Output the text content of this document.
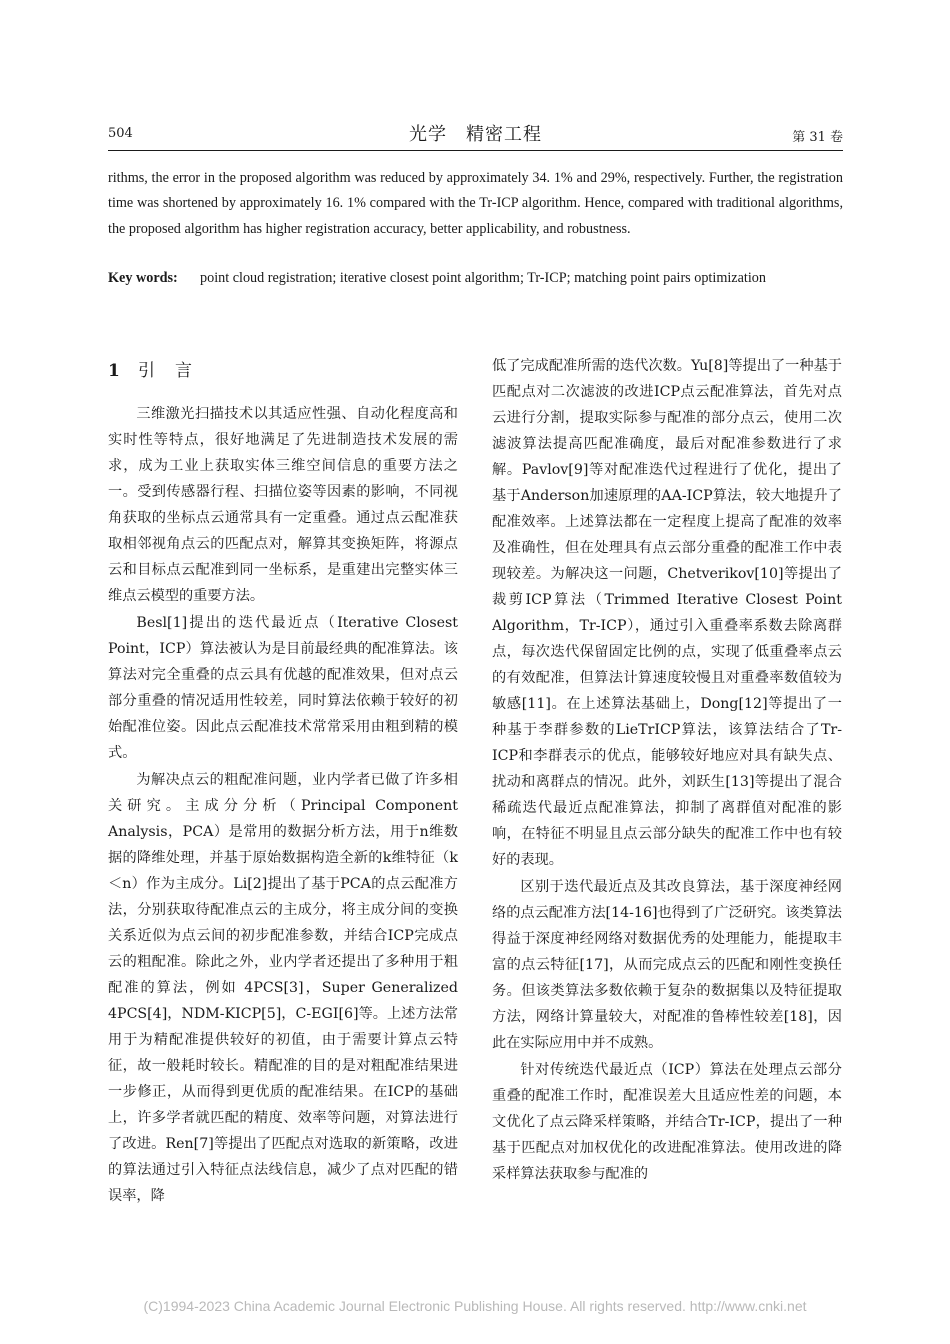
504	光学　精密工程	第 31 卷
rithms, the error in the proposed algorithm was reduced by approximately 34. 1% and 29%, respectively. Further, the registration time was shortened by approximately 16. 1% compared with the Tr-ICP algorithm. Hence, compared with traditional algorithms, the proposed algorithm has higher registration accuracy, better applicability, and robustness.
Key words: point cloud registration; iterative closest point algorithm; Tr-ICP; matching point pairs optimization
1 引言

三维激光扫描技术以其适应性强、自动化程度高和实时性等特点，很好地满足了先进制造技术发展的需求，成为工业上获取实体三维空间信息的重要方法之一。受到传感器行程、扫描位姿等因素的影响，不同视角获取的坐标点云通常具有一定重叠。通过点云配准获取相邻视角点云的匹配点对，解算其变换矩阵，将源点云和目标点云配准到同一坐标系，是重建出完整实体三维点云模型的重要方法。

Besl[1]提出的迭代最近点（Iterative Closest Point，ICP）算法被认为是目前最经典的配准算法。该算法对完全重叠的点云具有优越的配准效果，但对点云部分重叠的情况适用性较差，同时算法依赖于较好的初始配准位姿。因此点云配准技术常常采用由粗到精的模式。

为解决点云的粗配准问题，业内学者已做了许多相关研究。主成分分析（Principal Component Analysis，PCA）是常用的数据分析方法，用于n维数据的降维处理，并基于原始数据构造全新的k维特征（k＜n）作为主成分。Li[2]提出了基于PCA的点云配准方法，分别获取待配准点云的主成分，将主成分间的变换关系近似为点云间的初步配准参数，并结合ICP完成点云的粗配准。除此之外，业内学者还提出了多种用于粗配准的算法，例如 4PCS[3]，Super Generalized 4PCS[4]，NDM-KICP[5]，C-EGI[6]等。上述方法常用于为精配准提供较好的初值，由于需要计算点云特征，故一般耗时较长。精配准的目的是对粗配准结果进一步修正，从而得到更优质的配准结果。在ICP的基础上，许多学者就匹配的精度、效率等问题，对算法进行了改进。Ren[7]等提出了匹配点对选取的新策略，改进的算法通过引入特征点法线信息，减少了点对匹配的错误率，降

低了完成配准所需的迭代次数。Yu[8]等提出了一种基于匹配点对二次滤波的改进ICP点云配准算法，首先对点云进行分割，提取实际参与配准的部分点云，使用二次滤波算法提高匹配准确度，最后对配准参数进行了求解。Pavlov[9]等对配准迭代过程进行了优化，提出了基于Anderson加速原理的AA-ICP算法，较大地提升了配准效率。上述算法都在一定程度上提高了配准的效率及准确性，但在处理具有点云部分重叠的配准工作中表现较差。为解决这一问题，Chetverikov[10]等提出了裁剪ICP算法（Trimmed Iterative Closest Point Algorithm，Tr-ICP），通过引入重叠率系数去除离群点，每次迭代保留固定比例的点，实现了低重叠率点云的有效配准，但算法计算速度较慢且对重叠率数值较为敏感[11]。在上述算法基础上，Dong[12]等提出了一种基于李群参数的LieTrICP算法，该算法结合了Tr-ICP和李群表示的优点，能够较好地应对具有缺失点、扰动和离群点的情况。此外，刘跃生[13]等提出了混合稀疏迭代最近点配准算法，抑制了离群值对配准的影响，在特征不明显且点云部分缺失的配准工作中也有较好的表现。

区别于迭代最近点及其改良算法，基于深度神经网络的点云配准方法[14-16]也得到了广泛研究。该类算法得益于深度神经网络对数据优秀的处理能力，能提取丰富的点云特征[17]，从而完成点云的匹配和刚性变换任务。但该类算法多数依赖于复杂的数据集以及特征提取方法，网络计算量较大，对配准的鲁棒性较差[18]，因此在实际应用中并不成熟。

针对传统迭代最近点（ICP）算法在处理点云部分重叠的配准工作时，配准误差大且适应性差的问题，本文优化了点云降采样策略，并结合Tr-ICP，提出了一种基于匹配点对加权优化的改进配准算法。使用改进的降采样算法获取参与配准的

(C)1994-2023 China Academic Journal Electronic Publishing House. All rights reserved. http://www.cnki.net
